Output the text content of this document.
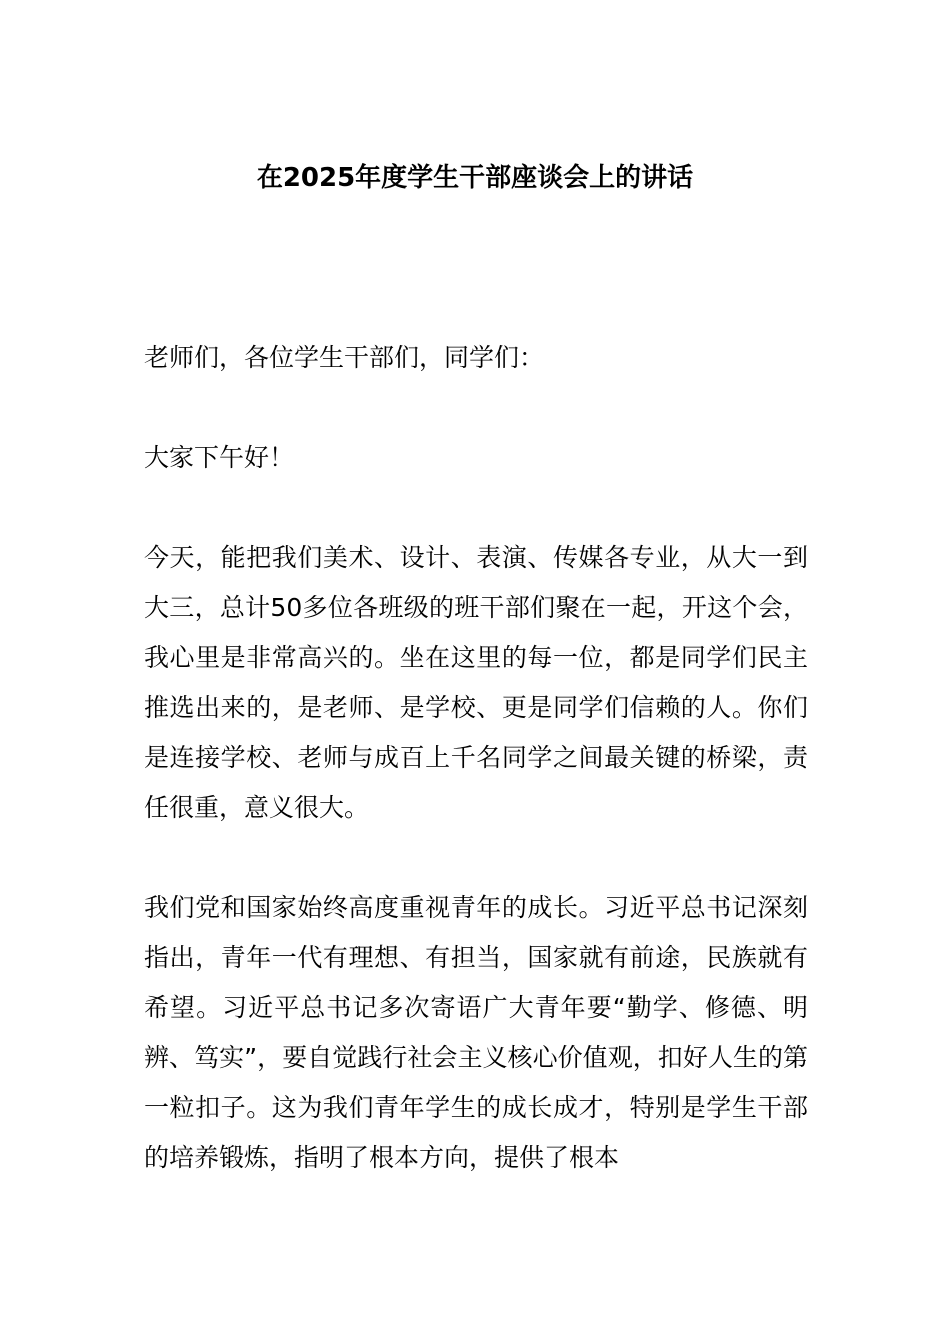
在2025年度学生干部座谈会上的讲话

老师们，各位学生干部们，同学们：

大家下午好！

今天，能把我们美术、设计、表演、传媒各专业，从大一到大三，总计50多位各班级的班干部们聚在一起，开这个会，我心里是非常高兴的。坐在这里的每一位，都是同学们民主推选出来的，是老师、是学校、更是同学们信赖的人。你们是连接学校、老师与成百上千名同学之间最关键的桥梁，责任很重，意义很大。

我们党和国家始终高度重视青年的成长。习近平总书记深刻指出，青年一代有理想、有担当，国家就有前途，民族就有希望。习近平总书记多次寄语广大青年要“勤学、修德、明辨、笃实”，要自觉践行社会主义核心价值观，扣好人生的第一粒扣子。这为我们青年学生的成长成才，特别是学生干部的培养锻炼，指明了根本方向，提供了根本
